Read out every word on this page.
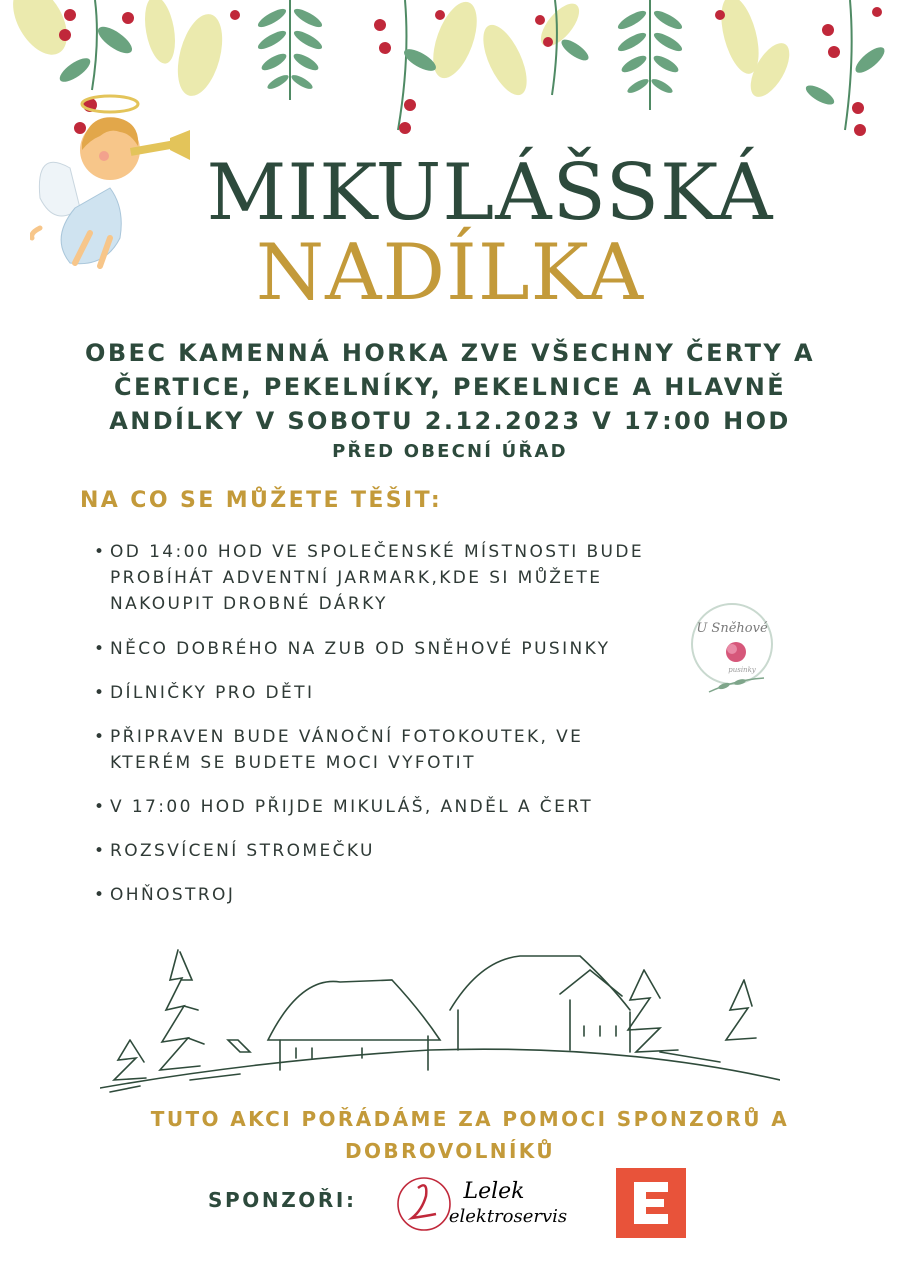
MIKULÁŠSKÁ
NADÍLKA
OBEC KAMENNÁ HORKA ZVE VŠECHNY ČERTY A
ČERTICE, PEKELNÍKY, PEKELNICE A HLAVNĚ
ANDÍLKY V SOBOTU 2.12.2023 V 17:00 HOD
PŘED OBECNÍ ÚŘAD
NA CO SE MŮŽETE TĚŠIT:
• OD 14:00 HOD VE SPOLEČENSKÉ MÍSTNOSTI BUDE PROBÍHÁT ADVENTNÍ JARMARK,KDE SI MŮŽETE NAKOUPIT DROBNÉ DÁRKY
• NĚCO DOBRÉHO NA ZUB OD SNĚHOVÉ PUSINKY
• DÍLNIČKY PRO DĚTI
• PŘIPRAVEN BUDE VÁNOČNÍ FOTOKOUTEK, VE KTERÉM SE BUDETE MOCI VYFOTIT
• V 17:00 HOD PŘIJDE MIKULÁŠ, ANDĚL A ČERT
• ROZSVÍCENÍ STROMEČKU
• OHŇOSTROJ
U Sněhové
pusinky
TUTO AKCI POŘÁDÁME ZA POMOCI SPONZORŮ A
DOBROVOLNÍKŮ
SPONZOŘI:	Lelek
elektroservis
